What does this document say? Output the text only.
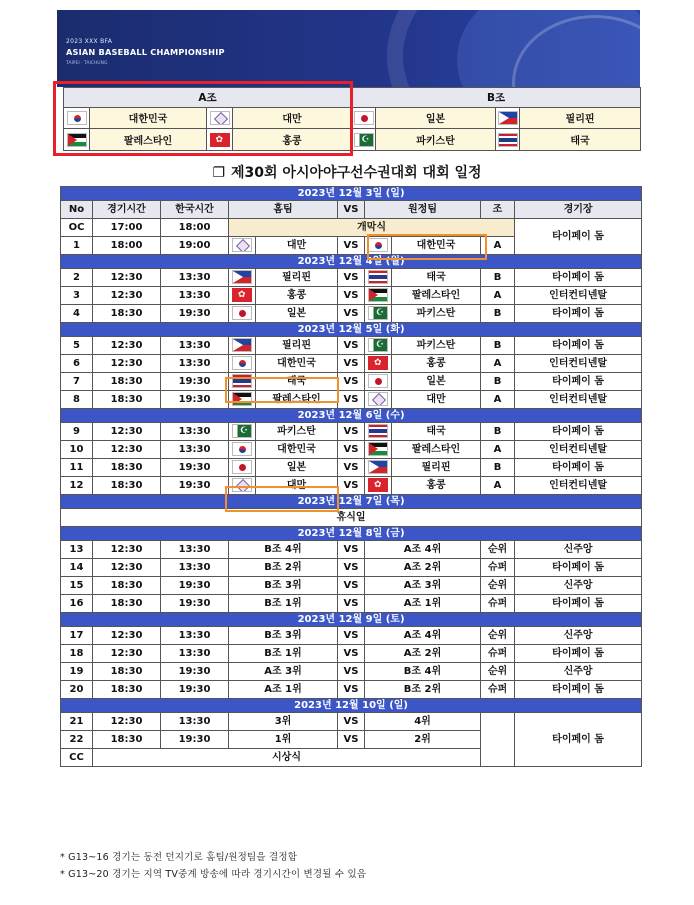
2023 XXX BFA
ASIAN BASEBALL CHAMPIONSHIP
TAIPEI · TAICHUNG
A조				B조			
	대한민국		대만		일본		필리핀
	팔레스타인	✿	홍콩	☪	파키스탄		태국
❐ 제30회 아시아야구선수권대회 대회 일정
2023년 12월 3일 (일)									
No	경기시간	한국시간	홈팀		VS	원정팀		조	경기장
OC	17:00	18:00	개막식						타이페이 돔
1	18:00	19:00		대만	VS		대한민국	A	
2023년 12월 4일 (월)									
2	12:30	13:30		필리핀	VS		태국	B	타이페이 돔
3	12:30	13:30	✿	홍콩	VS		팔레스타인	A	인터컨티넨탈
4	18:30	19:30		일본	VS	☪	파키스탄	B	타이페이 돔
2023년 12월 5일 (화)									
5	12:30	13:30		필리핀	VS	☪	파키스탄	B	타이페이 돔
6	12:30	13:30		대한민국	VS	✿	홍콩	A	인터컨티넨탈
7	18:30	19:30		태국	VS		일본	B	타이페이 돔
8	18:30	19:30		팔레스타인	VS		대만	A	인터컨티넨탈
2023년 12월 6일 (수)									
9	12:30	13:30	☪	파키스탄	VS		태국	B	타이페이 돔
10	12:30	13:30		대한민국	VS		팔레스타인	A	인터컨티넨탈
11	18:30	19:30		일본	VS		필리핀	B	타이페이 돔
12	18:30	19:30		대만	VS	✿	홍콩	A	인터컨티넨탈
2023년 12월 7일 (목)									
휴식일									
2023년 12월 8일 (금)									
13	12:30	13:30	B조 4위		VS	A조 4위		순위	신주앙
14	12:30	13:30	B조 2위		VS	A조 2위		슈퍼	타이페이 돔
15	18:30	19:30	B조 3위		VS	A조 3위		순위	신주앙
16	18:30	19:30	B조 1위		VS	A조 1위		슈퍼	타이페이 돔
2023년 12월 9일 (토)									
17	12:30	13:30	B조 3위		VS	A조 4위		순위	신주앙
18	12:30	13:30	B조 1위		VS	A조 2위		슈퍼	타이페이 돔
19	18:30	19:30	A조 3위		VS	B조 4위		순위	신주앙
20	18:30	19:30	A조 1위		VS	B조 2위		슈퍼	타이페이 돔
2023년 12월 10일 (일)									
21	12:30	13:30	3위		VS	4위			타이페이 돔
22	18:30	19:30	1위		VS	2위			
CC	시상식								
* G13~16 경기는 동전 던지기로 홈팀/원정팀을 결정함
* G13~20 경기는 지역 TV중계 방송에 따라 경기시간이 변경될 수 있음
